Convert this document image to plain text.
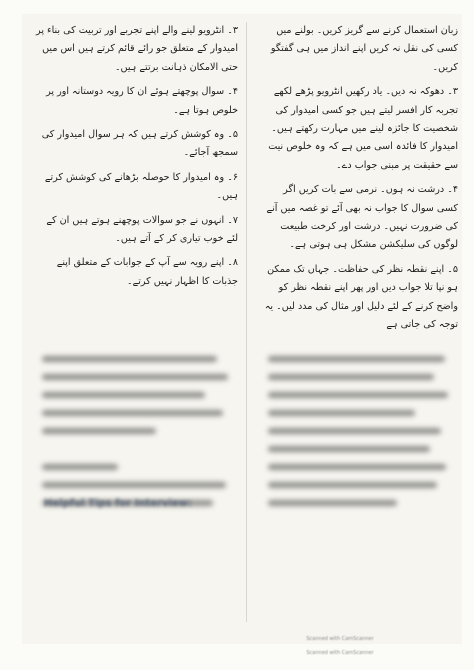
زبان استعمال کرنے سے گریز کریں۔ بولنے میں کسی کی نقل نہ کریں اپنے انداز میں ہی گفتگو کریں۔

۳۔ دھوکہ نہ دیں۔ یاد رکھیں انٹرویو پڑھے لکھے تجربہ کار افسر لیتے ہیں جو کسی امیدوار کی شخصیت کا جائزہ لینے میں مہارت رکھتے ہیں۔ امیدوار کا فائدہ اسی میں ہے کہ وہ خلوص نیت سے حقیقت پر مبنی جواب دے۔

۴۔ درشت نہ ہوں۔ نرمی سے بات کریں اگر کسی سوال کا جواب نہ بھی آئے تو غصہ میں آنے کی ضرورت نہیں۔ درشت اور کرخت طبیعت لوگوں کی سلیکشن مشکل ہی ہوتی ہے۔

۵۔ اپنے نقطہ نظر کی حفاظت۔ جہاں تک ممکن ہو نپا تلا جواب دیں اور پھر اپنے نقطہ نظر کو واضح کرنے کے لئے دلیل اور مثال کی مدد لیں۔ یہ توجہ کی جاتی ہے

۳۔ انٹرویو لینے والے اپنے تجربے اور تربیت کی بناء پر امیدوار کے متعلق جو رائے قائم کرتے ہیں اس میں حتی الامکان ذہانت برتتے ہیں۔

۴۔ سوال پوچھتے ہوئے ان کا رویہ دوستانہ اور پر خلوص ہوتا ہے۔

۵۔ وہ کوشش کرتے ہیں کہ ہر سوال امیدوار کی سمجھ آجائے۔

۶۔ وہ امیدوار کا حوصلہ بڑھانے کی کوشش کرتے ہیں۔

۷۔ انہوں نے جو سوالات پوچھنے ہوتے ہیں ان کے لئے خوب تیاری کر کے آتے ہیں۔

۸۔ اپنے رویہ سے آپ کے جوابات کے متعلق اپنے جذبات کا اظہار نہیں کرتے۔

Helpful Tips for Interview:
Scanned with CamScanner
Scanned with CamScanner
